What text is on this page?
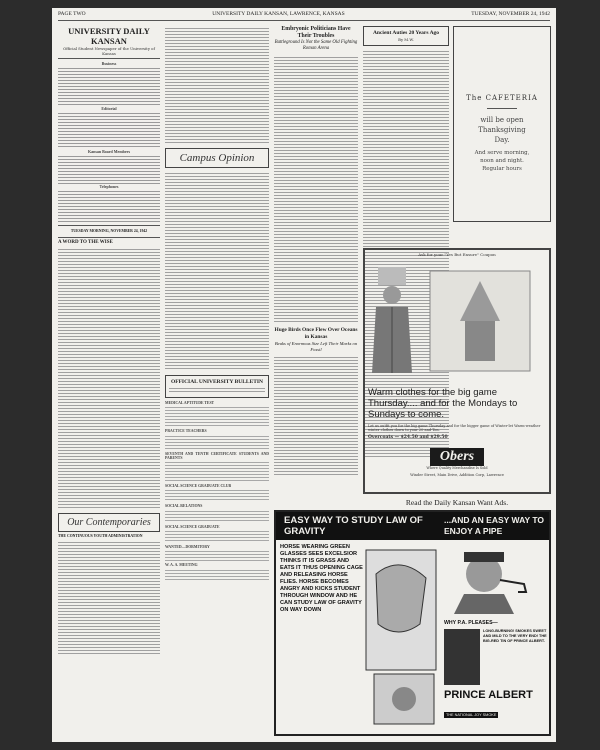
PAGE TWO	UNIVERSITY DAILY KANSAN, LAWRENCE, KANSAS	TUESDAY, NOVEMBER 24, 1942
UNIVERSITY DAILY KANSAN
Official Student Newspaper of the University of Kansas
Business
Editorial
Kansan Board Members
Telephones
TUESDAY MORNING, NOVEMBER 24, 1942
A WORD TO THE WISE
Our Contemporaries
THE CONTINUOUS YOUTH ADMINISTRATION
Campus Opinion
OFFICIAL UNIVERSITY BULLETIN
MEDICAL APTITUDE TEST
PRACTICE TEACHERS
SEVENTH AND TENTH CERTIFICATE STUDENTS AND PARENTS
SOCIAL SCIENCE GRADUATE CLUB
SOCIAL RELATIONS
SOCIAL SCIENCE GRADUATE
WANTED—DORMITORY
W. A. A. MEETING
Embryonic Politicians Have Their Troubles
Battleground Is Not the Same Old Fighting Roman Arena
Huge Birds Once Flew Over Oceans in Kansas
Beaks of Enormous Size Left Their Marks on Fossil
Ancient Auties 20 Years Ago
By M.W.
The CAFETERIA
will be open
Thanksgiving
Day.
And serve morning,
noon and night.
Regular hours
Ask for your "Yes But Ensure" Coupon
Warm clothes for the big game Thursday.... and for the Mondays to Sundays to come.
Let us outfit you for the big game Thursday and for the bigger game of Winter-let Warm-weather winter clothes down to your 20-and-Ton.
Overcoats — $24.50 and $29.50
Obers
Where Quality Merchandise Is Sold
Winder Street, Main Drive, Addition Corp, Lawrence
Read the Daily Kansan Want Ads.
EASY WAY TO STUDY LAW OF GRAVITY
...AND AN EASY WAY TO ENJOY A PIPE
HORSE WEARING GREEN GLASSES SEES EXCELSIOR THINKS IT IS GRASS AND EATS IT THUS OPENING CAGE AND RELEASING HORSE FLIES. HORSE BECOMES ANGRY AND KICKS STUDENT THROUGH WINDOW AND HE CAN STUDY LAW OF GRAVITY ON WAY DOWN
WHY P.A. PLEASES—
LONG-BURNING! SMOKES SWEET AND MILD TO THE VERY END! THE BIG-RED TIN OF PRINCE ALBERT.
PRINCE ALBERT
THE NATIONAL JOY SMOKE
